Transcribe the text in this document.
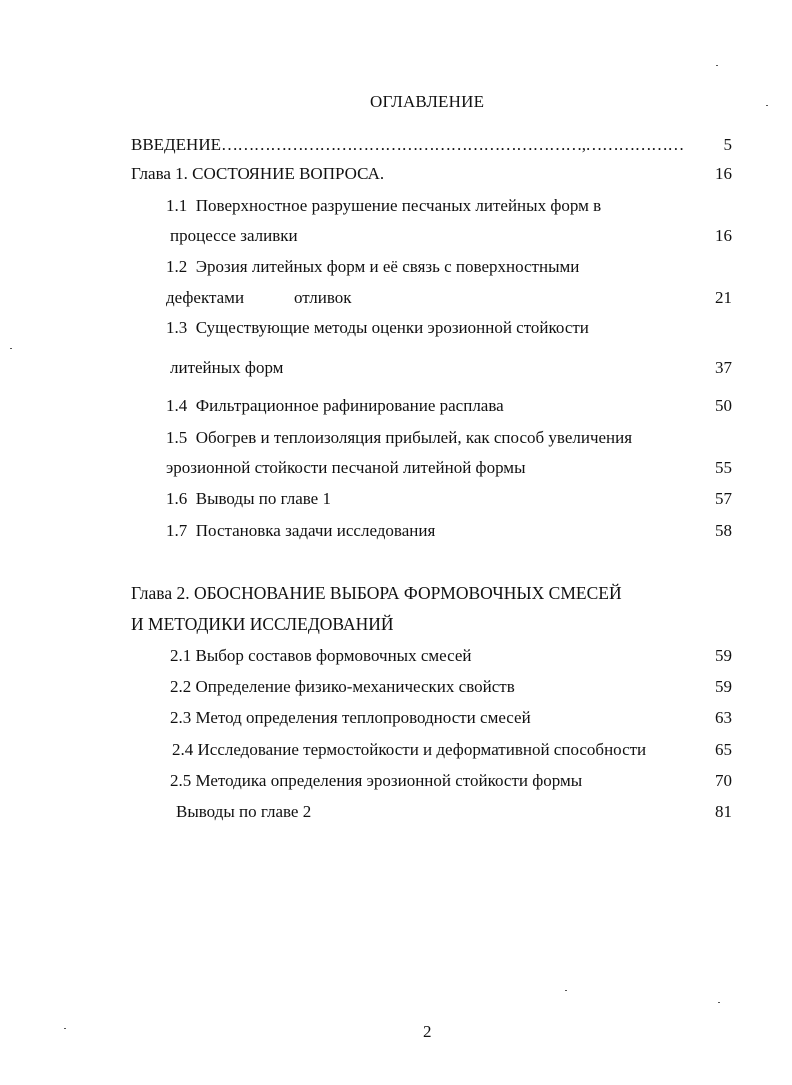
ОГЛАВЛЕНИЕ
ВВЕДЕНИЕ…………………………………………………………,……………… 5
Глава 1. СОСТОЯНИЕ ВОПРОСА.	16
1.1 Поверхностное разрушение песчаных литейных форм в
процессе заливки	16
1.2 Эрозия литейных форм и её связь с поверхностными
дефектами	отливок	21
1.3 Существующие методы оценки эрозионной стойкости
литейных форм	37
1.4 Фильтрационное рафинирование расплава	50
1.5 Обогрев и теплоизоляция прибылей, как способ увеличения
эрозионной стойкости песчаной литейной формы	55
1.6 Выводы по главе 1	57
1.7 Постановка задачи исследования	58
Глава 2. ОБОСНОВАНИЕ ВЫБОРА ФОРМОВОЧНЫХ СМЕСЕЙ
И МЕТОДИКИ ИССЛЕДОВАНИЙ
2.1 Выбор составов формовочных смесей	59
2.2 Определение физико-механических свойств	59
2.3 Метод определения теплопроводности смесей	63
2.4 Исследование термостойкости и деформативной способности	65
2.5 Методика определения эрозионной стойкости формы	70
Выводы по главе 2	81
2
